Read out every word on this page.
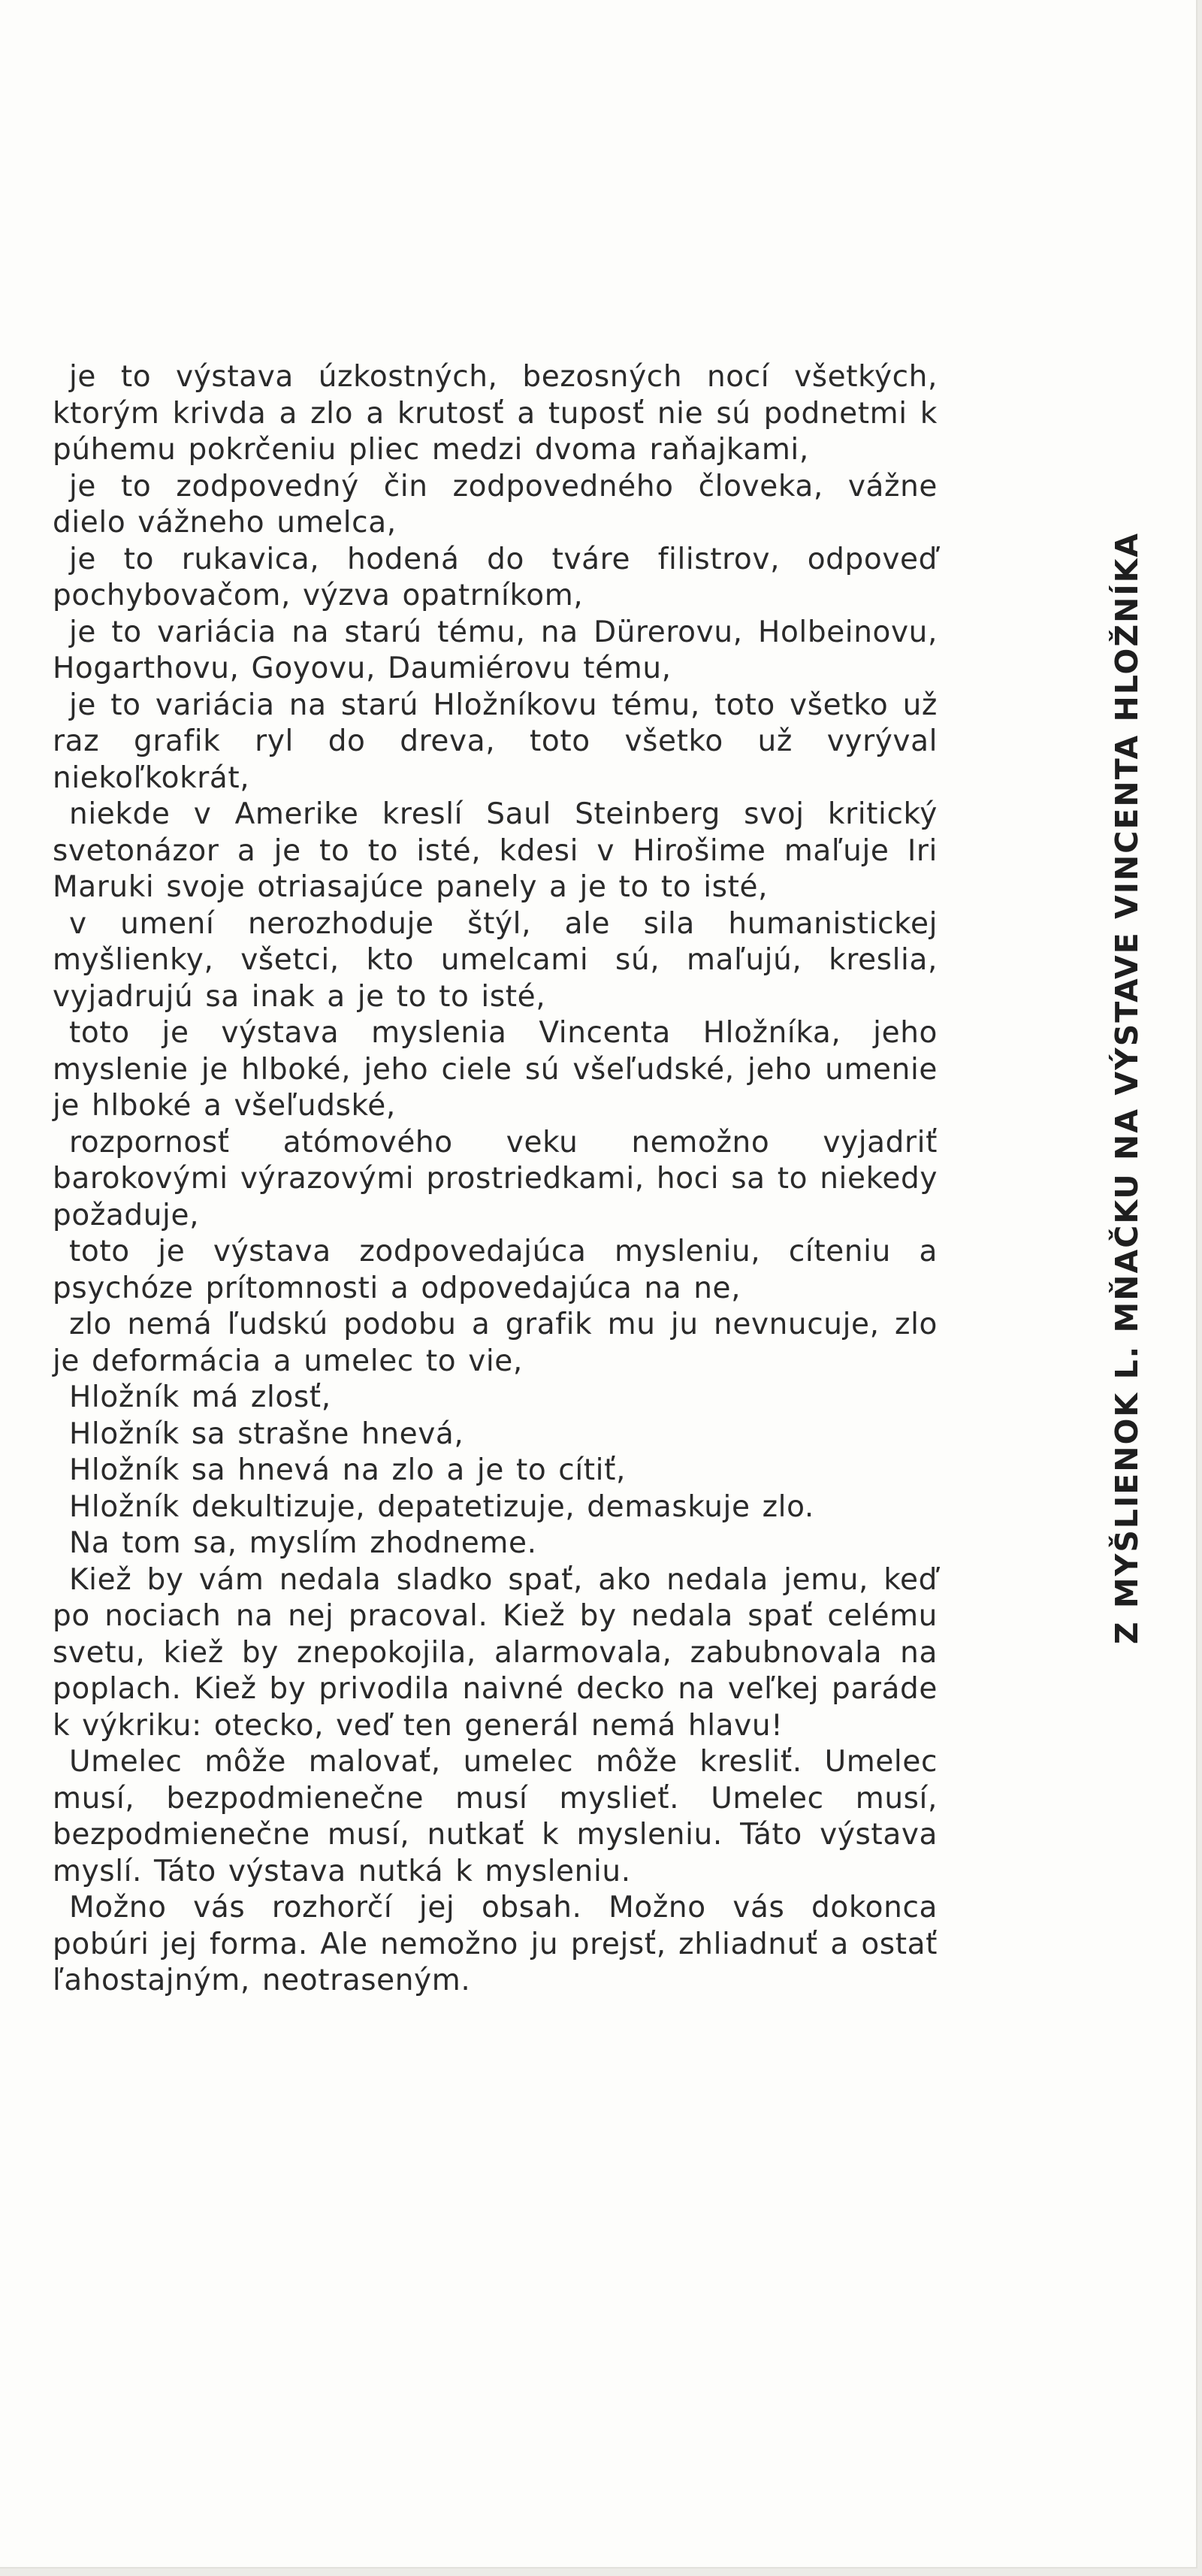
je to výstava úzkostných, bezosných nocí všetkých, ktorým krivda a zlo a krutosť a tuposť nie sú podnetmi k púhemu pokrčeniu pliec medzi dvoma raňajkami,

je to zodpovedný čin zodpovedného človeka, vážne dielo vážneho umelca,

je to rukavica, hodená do tváre filistrov, odpoveď pochybovačom, výzva opatrníkom,

je to variácia na starú tému, na Dürerovu, Holbeinovu, Hogarthovu, Goyovu, Daumiérovu tému,

je to variácia na starú Hložníkovu tému, toto všetko už raz grafik ryl do dreva, toto všetko už vyrýval niekoľkokrát,

niekde v Amerike kreslí Saul Steinberg svoj kritický svetonázor a je to to isté, kdesi v Hirošime maľuje Iri Maruki svoje otriasajúce panely a je to to isté,

v umení nerozhoduje štýl, ale sila humanistickej myšlienky, všetci, kto umelcami sú, maľujú, kreslia, vyjadrujú sa inak a je to to isté,

toto je výstava myslenia Vincenta Hložníka, jeho myslenie je hlboké, jeho ciele sú všeľudské, jeho umenie je hlboké a všeľudské,

rozpornosť atómového veku nemožno vyjadriť barokovými výrazovými prostriedkami, hoci sa to niekedy požaduje,

toto je výstava zodpovedajúca mysleniu, cíteniu a psychóze prítomnosti a odpovedajúca na ne,

zlo nemá ľudskú podobu a grafik mu ju nevnucuje, zlo je deformácia a umelec to vie,

Hložník má zlosť,

Hložník sa strašne hnevá,

Hložník sa hnevá na zlo a je to cítiť,

Hložník dekultizuje, depatetizuje, demaskuje zlo.

Na tom sa, myslím zhodneme.

Kiež by vám nedala sladko spať, ako nedala jemu, keď po nociach na nej pracoval. Kiež by nedala spať celému svetu, kiež by znepokojila, alarmovala, zabubnovala na poplach. Kiež by privodila naivné decko na veľkej paráde k výkriku: otecko, veď ten generál nemá hlavu!

Umelec môže malovať, umelec môže kresliť. Umelec musí, bezpodmienečne musí myslieť. Umelec musí, bezpodmienečne musí, nutkať k mysleniu. Táto výstava myslí. Táto výstava nutká k mysleniu.

Možno vás rozhorčí jej obsah. Možno vás dokonca pobúri jej forma. Ale nemožno ju prejsť, zhliadnuť a ostať ľahostajným, neotraseným.

Z MYŠLIENOK L. MŇAČKU NA VÝSTAVE VINCENTA HLOŽNÍKA
